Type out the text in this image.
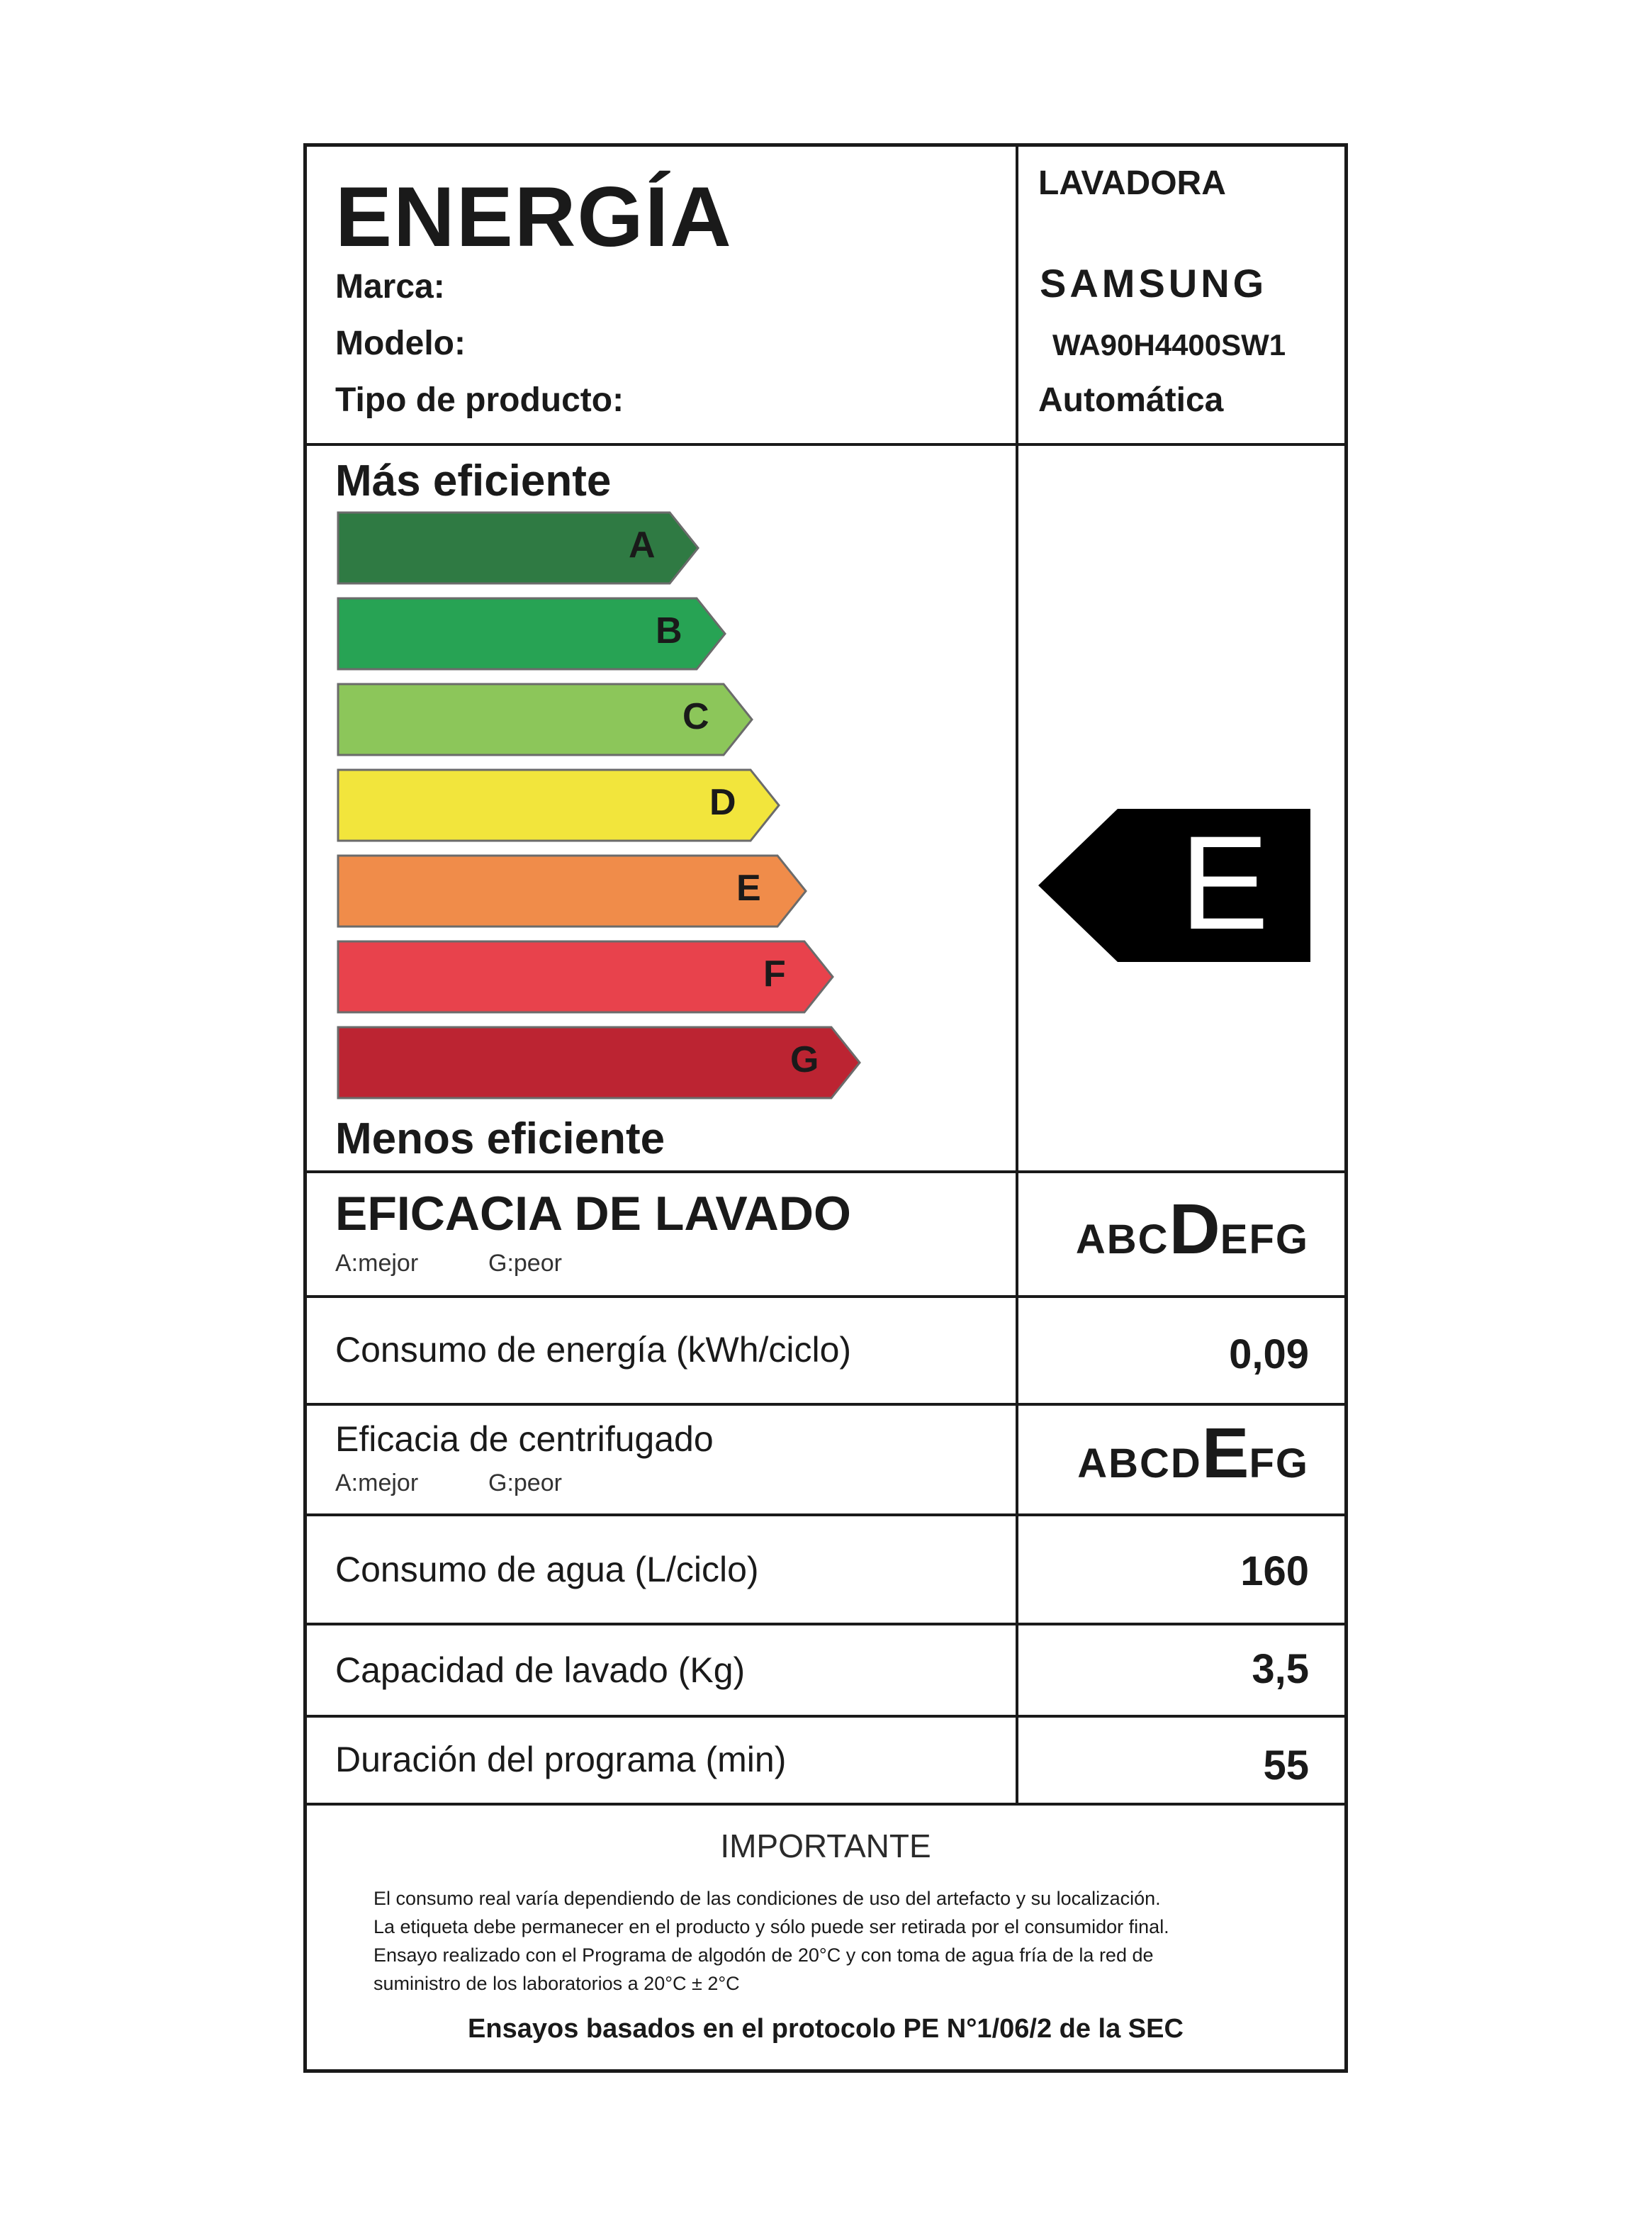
ENERGÍA	LAVADORA
Marca:	SAMSUNG
Modelo:	WA90H4400SW1
Tipo de producto:	Automática
Más eficiente
A
B
C
D
E
F
G
Menos eficiente
E
EFICACIA DE LAVADO
A:mejor	G:peor
ABCDEFG
Consumo de energía (kWh/ciclo)	0,09
Eficacia de centrifugado
A:mejor	G:peor	ABCDEFG
Consumo de agua (L/ciclo)	160
Capacidad de lavado (Kg)	3,5
Duración del programa (min)	55
IMPORTANTE
El consumo real varía dependiendo de las condiciones de uso del artefacto y su localización.
La etiqueta debe permanecer en el producto y sólo puede ser retirada por el consumidor final.
Ensayo realizado con el Programa de algodón de 20°C y con toma de agua fría de la red de
suministro de los laboratorios a 20°C ± 2°C
Ensayos basados en el protocolo PE N°1/06/2 de la SEC
